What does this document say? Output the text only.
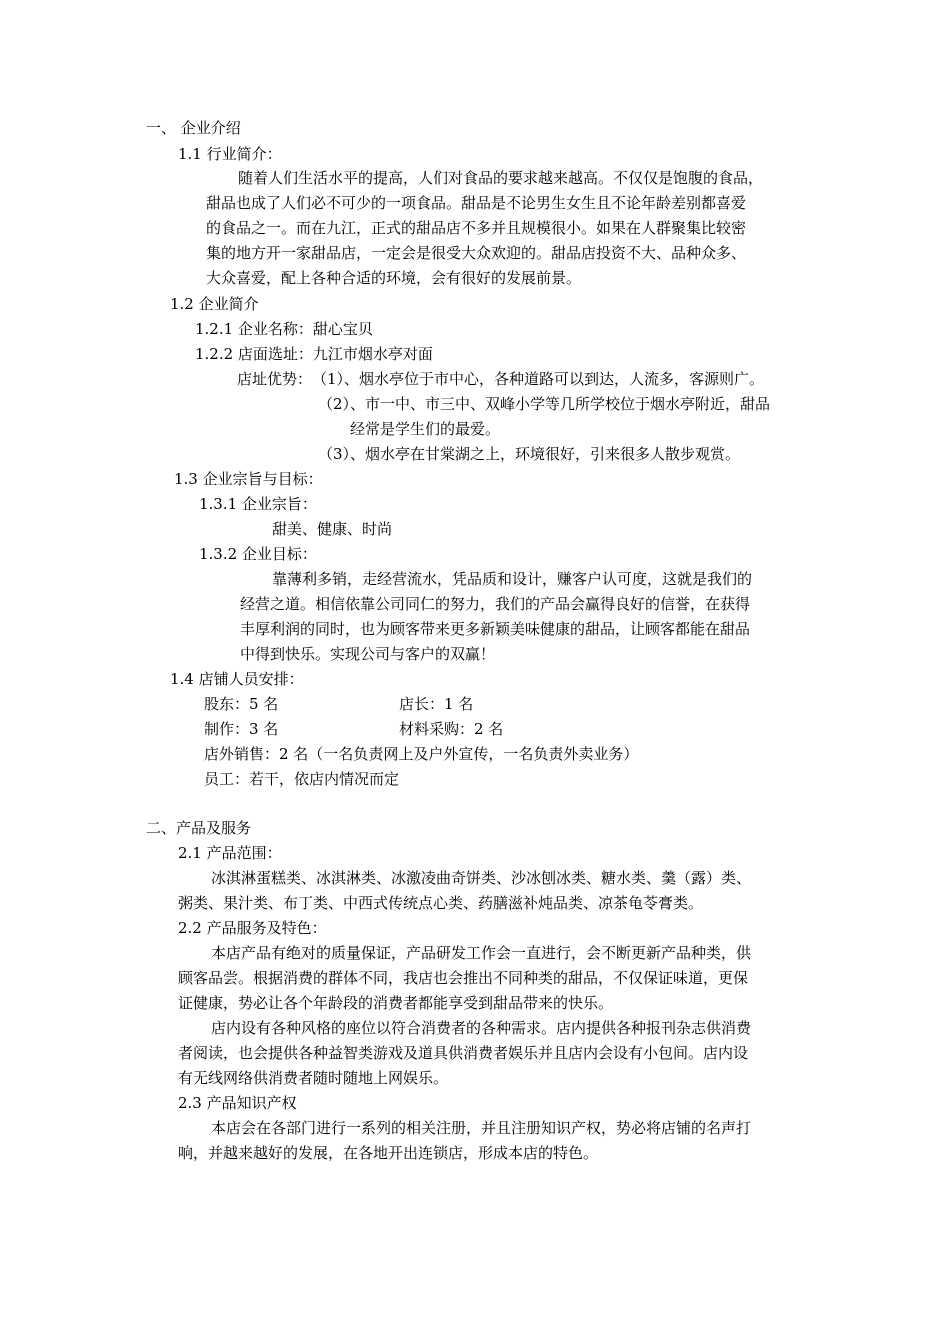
一、 企业介绍
1.1 行业简介：
随着人们生活水平的提高，人们对食品的要求越来越高。不仅仅是饱腹的食品，
甜品也成了人们必不可少的一项食品。甜品是不论男生女生且不论年龄差别都喜爱
的食品之一。而在九江，正式的甜品店不多并且规模很小。如果在人群聚集比较密
集的地方开一家甜品店，一定会是很受大众欢迎的。甜品店投资不大、品种众多、
大众喜爱，配上各种合适的环境，会有很好的发展前景。
1.2 企业简介
1.2.1 企业名称：甜心宝贝
1.2.2 店面选址：九江市烟水亭对面
店址优势： （1）、烟水亭位于市中心，各种道路可以到达，人流多，客源则广。
（2）、市一中、市三中、双峰小学等几所学校位于烟水亭附近，甜品
经常是学生们的最爱。
（3）、烟水亭在甘棠湖之上，环境很好，引来很多人散步观赏。
1.3 企业宗旨与目标：
1.3.1 企业宗旨：
甜美、健康、时尚
1.3.2 企业目标：
靠薄利多销，走经营流水，凭品质和设计，赚客户认可度，这就是我们的
经营之道。相信依靠公司同仁的努力，我们的产品会赢得良好的信誉，在获得
丰厚利润的同时，也为顾客带来更多新颖美味健康的甜品，让顾客都能在甜品
中得到快乐。实现公司与客户的双赢！
1.4 店铺人员安排：
股东：5 名	店长：1 名
制作：3 名	材料采购：2 名
店外销售：2 名（一名负责网上及户外宣传，一名负责外卖业务）
员工：若干，依店内情况而定
二、产品及服务
2.1 产品范围：
冰淇淋蛋糕类、冰淇淋类、冰激凌曲奇饼类、沙冰刨冰类、糖水类、羹（露）类、
粥类、果汁类、布丁类、中西式传统点心类、药膳滋补炖品类、凉茶龟苓膏类。
2.2 产品服务及特色：
本店产品有绝对的质量保证，产品研发工作会一直进行，会不断更新产品种类，供
顾客品尝。根据消费的群体不同，我店也会推出不同种类的甜品，不仅保证味道，更保
证健康，势必让各个年龄段的消费者都能享受到甜品带来的快乐。
店内设有各种风格的座位以符合消费者的各种需求。店内提供各种报刊杂志供消费
者阅读，也会提供各种益智类游戏及道具供消费者娱乐并且店内会设有小包间。店内设
有无线网络供消费者随时随地上网娱乐。
2.3 产品知识产权
本店会在各部门进行一系列的相关注册，并且注册知识产权，势必将店铺的名声打
响，并越来越好的发展，在各地开出连锁店，形成本店的特色。
